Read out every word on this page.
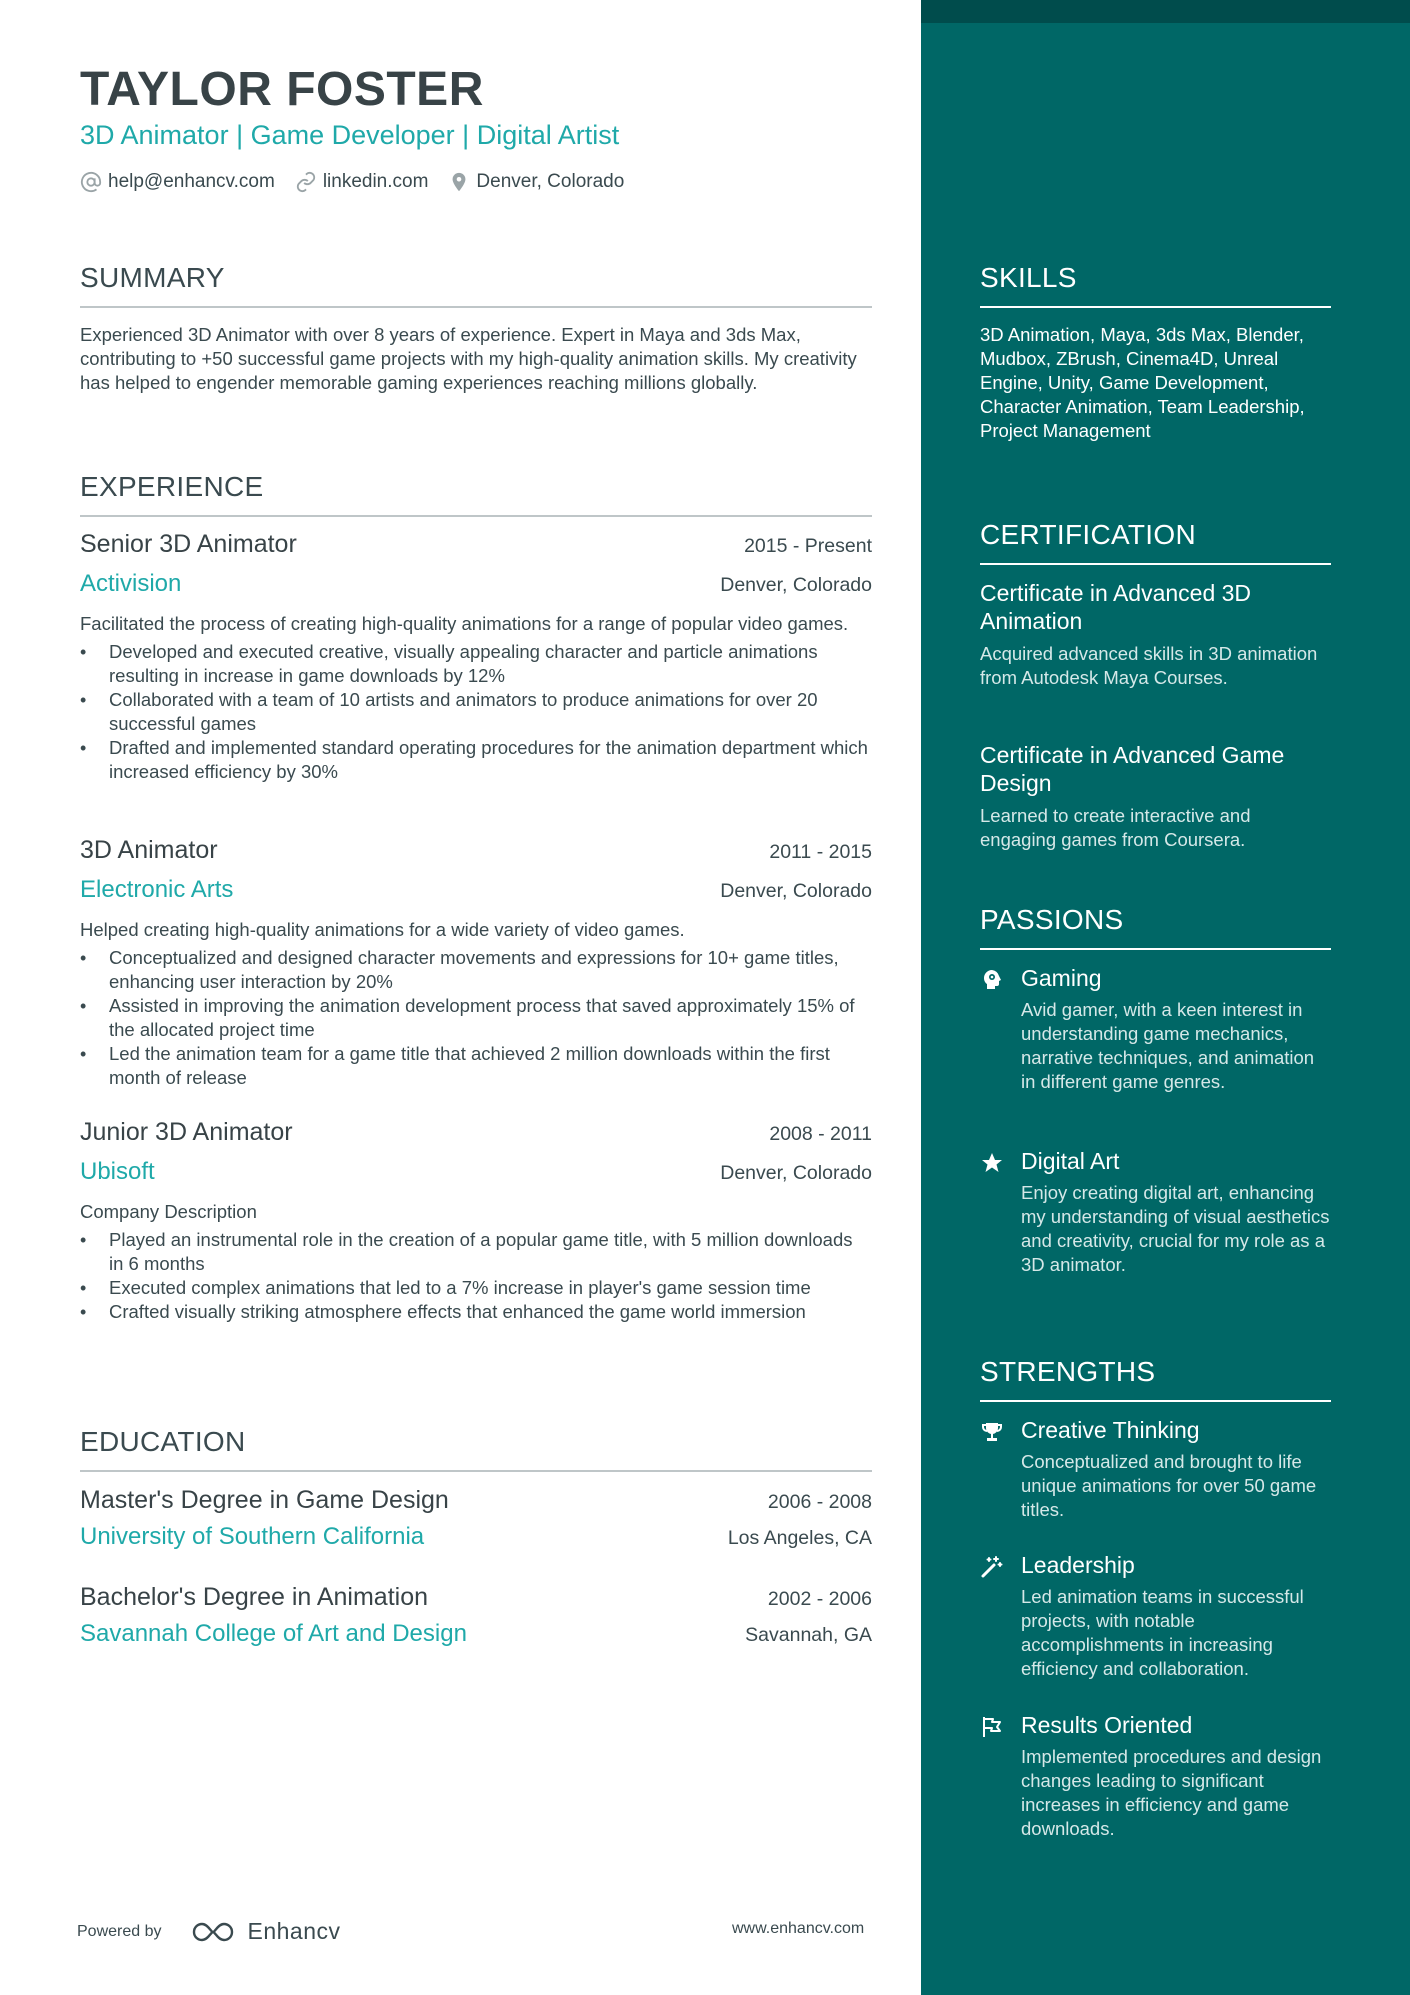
TAYLOR FOSTER
3D Animator | Game Developer | Digital Artist
help@enhancv.com	linkedin.com	Denver, Colorado
SUMMARY
Experienced 3D Animator with over 8 years of experience. Expert in Maya and 3ds Max, contributing to +50 successful game projects with my high-quality animation skills. My creativity has helped to engender memorable gaming experiences reaching millions globally.
EXPERIENCE
Senior 3D Animator	2015 - Present
Activision	Denver, Colorado
Facilitated the process of creating high-quality animations for a range of popular video games.
• Developed and executed creative, visually appealing character and particle animations resulting in increase in game downloads by 12%
• Collaborated with a team of 10 artists and animators to produce animations for over 20 successful games
• Drafted and implemented standard operating procedures for the animation department which increased efficiency by 30%
3D Animator	2011 - 2015
Electronic Arts	Denver, Colorado
Helped creating high-quality animations for a wide variety of video games.
• Conceptualized and designed character movements and expressions for 10+ game titles, enhancing user interaction by 20%
• Assisted in improving the animation development process that saved approximately 15% of the allocated project time
• Led the animation team for a game title that achieved 2 million downloads within the first month of release
Junior 3D Animator	2008 - 2011
Ubisoft	Denver, Colorado
Company Description
• Played an instrumental role in the creation of a popular game title, with 5 million downloads in 6 months
• Executed complex animations that led to a 7% increase in player's game session time
• Crafted visually striking atmosphere effects that enhanced the game world immersion
EDUCATION
Master's Degree in Game Design	2006 - 2008
University of Southern California	Los Angeles, CA
Bachelor's Degree in Animation	2002 - 2006
Savannah College of Art and Design	Savannah, GA
Powered by	Enhancv	www.enhancv.com
SKILLS
3D Animation, Maya, 3ds Max, Blender, Mudbox, ZBrush, Cinema4D, Unreal Engine, Unity, Game Development, Character Animation, Team Leadership, Project Management
CERTIFICATION
Certificate in Advanced 3D Animation
Acquired advanced skills in 3D animation from Autodesk Maya Courses.
Certificate in Advanced Game Design
Learned to create interactive and engaging games from Coursera.
PASSIONS
Gaming
Avid gamer, with a keen interest in understanding game mechanics, narrative techniques, and animation in different game genres.
Digital Art
Enjoy creating digital art, enhancing my understanding of visual aesthetics and creativity, crucial for my role as a 3D animator.
STRENGTHS
Creative Thinking
Conceptualized and brought to life unique animations for over 50 game titles.
Leadership
Led animation teams in successful projects, with notable accomplishments in increasing efficiency and collaboration.
Results Oriented
Implemented procedures and design changes leading to significant increases in efficiency and game downloads.
